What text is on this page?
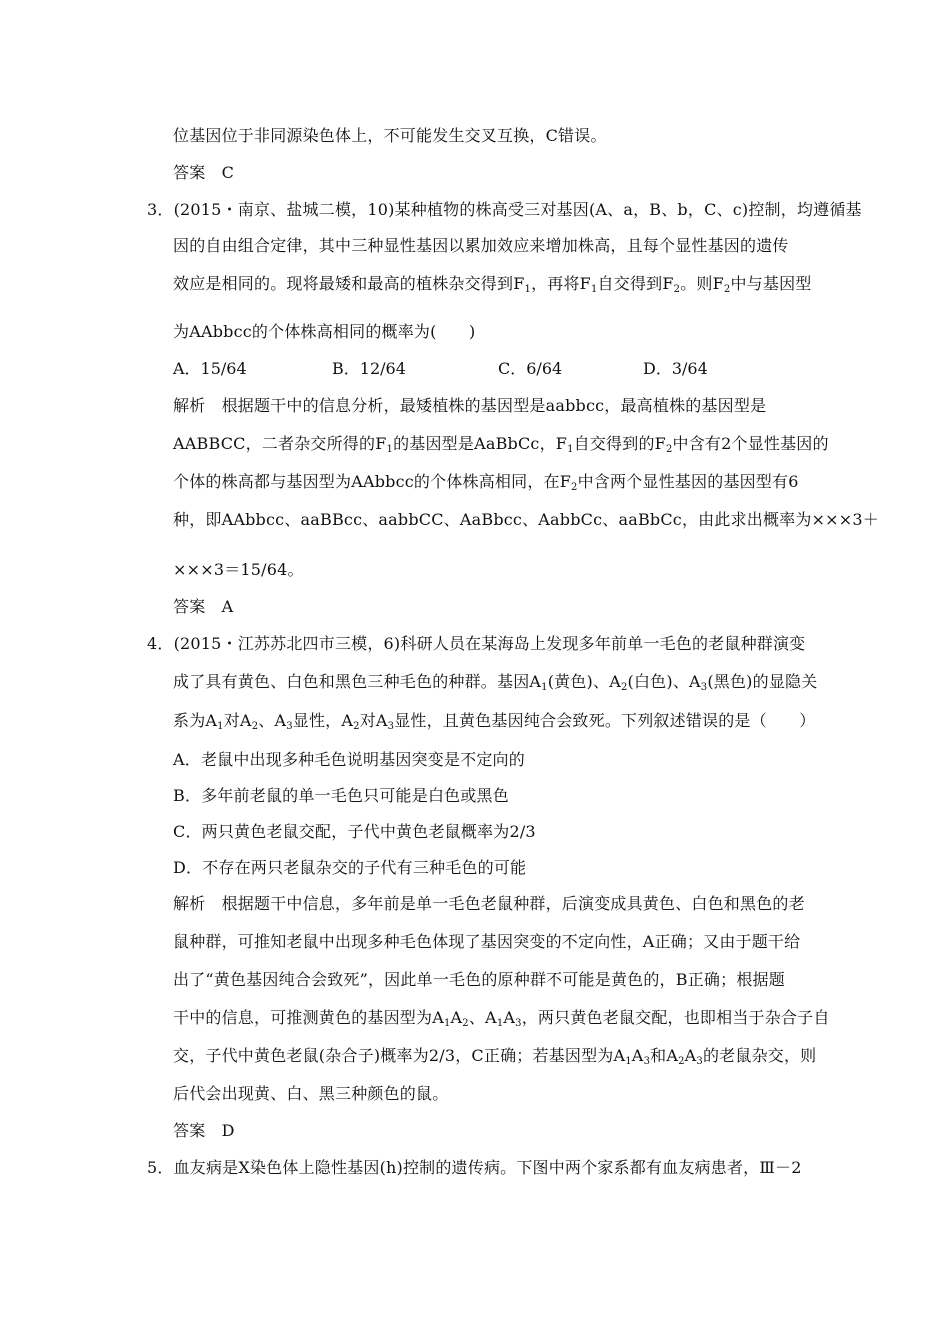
位基因位于非同源染色体上，不可能发生交叉互换，C错误。
答案　C
3．(2015・南京、盐城二模，10)某种植物的株高受三对基因(A、a，B、b，C、c)控制，均遵循基
因的自由组合定律，其中三种显性基因以累加效应来增加株高，且每个显性基因的遗传
效应是相同的。现将最矮和最高的植株杂交得到$F_1$，再将$F_1$自交得到$F_2$。则$F_2$中与基因型
为AAbbcc的个体株高相同的概率为(　　)
A．15/64	B．12/64	C．6/64	D．3/64
解析　根据题干中的信息分析，最矮植株的基因型是aabbcc，最高植株的基因型是
AABBCC，二者杂交所得的$F_1$的基因型是AaBbCc，$F_1$自交得到的$F_2$中含有2个显性基因的
个体的株高都与基因型为AAbbcc的个体株高相同，在$F_2$中含两个显性基因的基因型有6
种，即AAbbcc、aaBBcc、aabbCC、AaBbcc、AabbCc、aaBbCc，由此求出概率为×××3＋
×××3＝15/64。
答案　A
4．(2015・江苏苏北四市三模，6)科研人员在某海岛上发现多年前单一毛色的老鼠种群演变
成了具有黄色、白色和黑色三种毛色的种群。基因$A_1$(黄色)、$A_2$(白色)、$A_3$(黑色)的显隐关
系为$A_1$对$A_2$、$A_3$显性，$A_2$对$A_3$显性，且黄色基因纯合会致死。下列叙述错误的是（　　）
A．老鼠中出现多种毛色说明基因突变是不定向的
B．多年前老鼠的单一毛色只可能是白色或黑色
C．两只黄色老鼠交配，子代中黄色老鼠概率为2/3
D．不存在两只老鼠杂交的子代有三种毛色的可能
解析　根据题干中信息，多年前是单一毛色老鼠种群，后演变成具黄色、白色和黑色的老
鼠种群，可推知老鼠中出现多种毛色体现了基因突变的不定向性，A正确；又由于题干给
出了“黄色基因纯合会致死”，因此单一毛色的原种群不可能是黄色的，B正确；根据题
干中的信息，可推测黄色的基因型为$A_1A_2$、$A_1A_3$，两只黄色老鼠交配，也即相当于杂合子自
交，子代中黄色老鼠(杂合子)概率为2/3，C正确；若基因型为$A_1A_3$和$A_2A_3$的老鼠杂交，则
后代会出现黄、白、黑三种颜色的鼠。
答案　D
5．血友病是X染色体上隐性基因(h)控制的遗传病。下图中两个家系都有血友病患者，Ⅲ－2
